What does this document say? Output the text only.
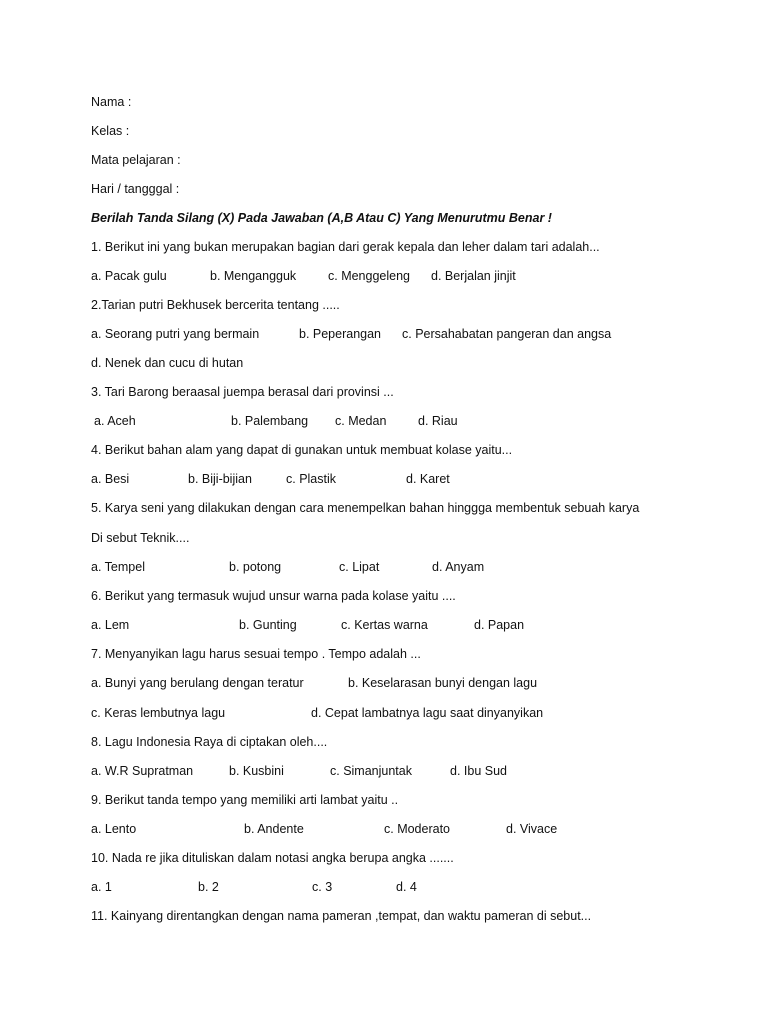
Nama :
Kelas :
Mata pelajaran :
Hari / tangggal :
Berilah Tanda Silang (X) Pada Jawaban (A,B Atau C) Yang Menurutmu Benar !
1. Berikut ini yang bukan merupakan bagian dari gerak kepala dan leher dalam tari adalah...
a. Pacak gulu	b. Mengangguk	c. Menggeleng d. Berjalan jinjit
2.Tarian putri Bekhusek bercerita tentang .....
a. Seorang putri yang bermain	b. Peperangan c. Persahabatan pangeran dan angsa
d. Nenek dan cucu di hutan
3. Tari Barong beraasal juempa berasal dari provinsi ...
a. Aceh	b. Palembang c. Medan	d. Riau
4. Berikut bahan alam yang dapat di gunakan untuk membuat kolase yaitu...
a. Besi	b. Biji-bijian	c. Plastik	d. Karet
5. Karya seni yang dilakukan dengan cara menempelkan bahan hinggga membentuk sebuah karya
Di sebut Teknik....
a. Tempel	b. potong	c. Lipat	d. Anyam
6. Berikut yang termasuk wujud unsur warna pada kolase yaitu ....
a. Lem	b. Gunting	c. Kertas warna	d. Papan
7. Menyanyikan lagu harus sesuai tempo . Tempo adalah ...
a. Bunyi yang berulang dengan teratur	b. Keselarasan bunyi dengan lagu
c. Keras lembutnya lagu	d. Cepat lambatnya lagu saat dinyanyikan
8. Lagu Indonesia Raya di ciptakan oleh....
a. W.R Supratman	b. Kusbini	c. Simanjuntak	d. Ibu Sud
9. Berikut tanda tempo yang memiliki arti lambat yaitu ..
a. Lento	b. Andente	c. Moderato	d. Vivace
10. Nada re jika dituliskan dalam notasi angka berupa angka .......
a. 1	b. 2	c. 3	d. 4
11. Kainyang direntangkan dengan nama pameran ,tempat, dan waktu pameran di sebut...
